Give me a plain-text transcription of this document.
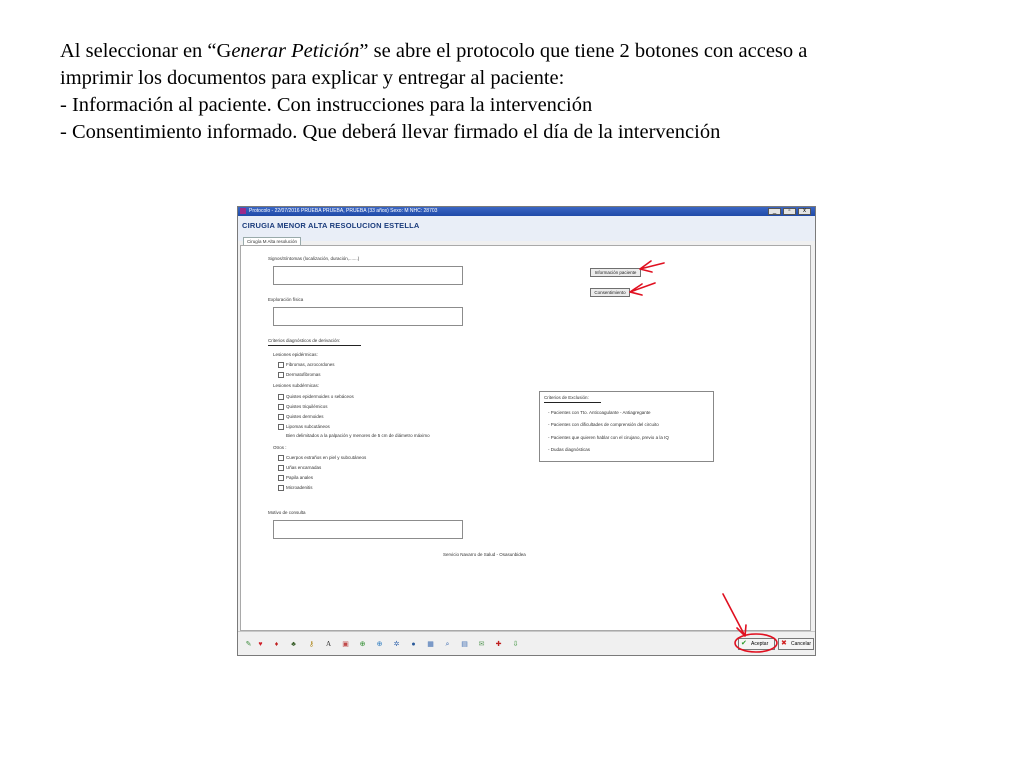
Al seleccionar en “Generar Petición” se abre el protocolo que tiene 2 botones con acceso a
imprimir los documentos para explicar y entregar al paciente:
- Información al paciente. Con instrucciones para la intervención
- Consentimiento informado. Que deberá llevar firmado el día de la intervención
Protocolo - 22/07/2016 PRUEBA PRUEBA, PRUEBA (33 años) Sexo: M NHC: 28703	_	▫	x
CIRUGIA MENOR ALTA RESOLUCION ESTELLA
Cirugía M Alta resolución
Signos/Síntomas (localización, duración,.......)
Información paciente
Consentimiento
Exploración física
Criterios diagnósticos de derivación:
Lesiones epidérmicas:
Fibromas, acrocordones
Dermatofibromas
Lesiones subdérmicas:
Quistes epidermoides o sebáceos
Quistes triquilémicos
Quistes dermoides
Lipomas subcutáneos
Bien delimitados a la palpación y menores de 5 cm de diámetro máximo
Otros :
Cuerpos extraños en piel y subcutáneos
Uñas encarnadas
Papila anales
Microadenitis
Motivo de consulta
Servicio Navarro de Salud - Osasunbidea
Criterios de Exclusión:
- Pacientes con Tto. Anticoagulante - Antiagregante
- Pacientes con dificultades de comprensión del circuito
- Pacientes que quieren hablar con el cirujano, previo a la IQ
- Dudas diagnósticas
✎ ♥	♦	♣	⚷ A ▣ ⊕ ⊕ ✲	●	▦	⌕	▤ ✉ ✚ ⇩	✔ Aceptar	✖ Cancelar
